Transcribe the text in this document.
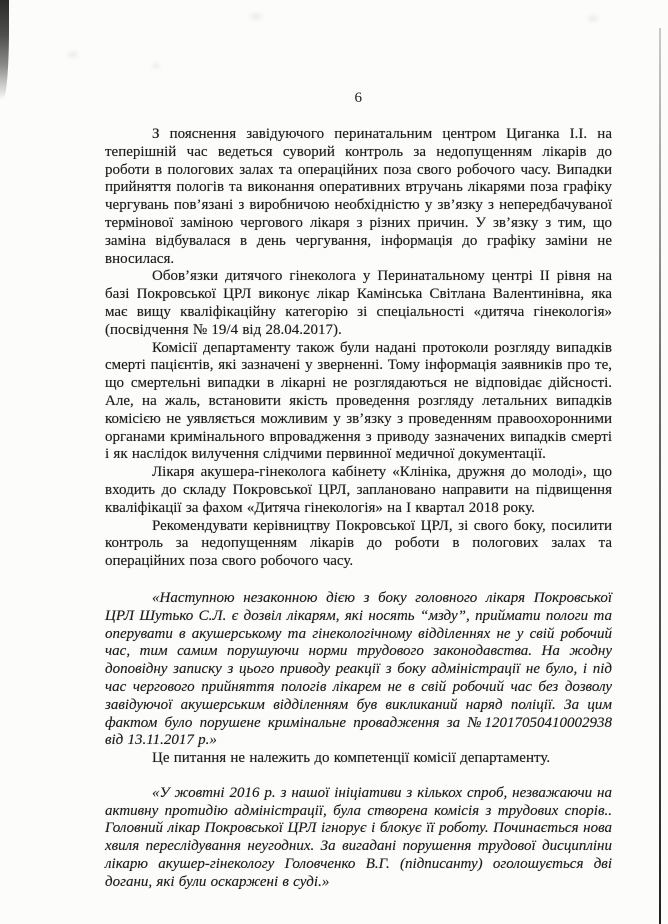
6

З пояснення завідуючого перинатальним центром Циганка І.І. на теперішній час ведеться суворий контроль за недопущенням лікарів до роботи в пологових залах та операційних поза свого робочого часу. Випадки прийняття пологів та виконання оперативних втручань лікарями поза графіку чергувань пов’язані з виробничою необхідністю у зв’язку з непередбачуваної термінової заміною чергового лікаря з різних причин. У зв’язку з тим, що заміна відбувалася в день чергування, інформація до графіку заміни не вносилася.

Обов’язки дитячого гінеколога у Перинатальному центрі ІІ рівня на базі Покровської ЦРЛ виконує лікар Камінська Світлана Валентинівна, яка має вищу кваліфікаційну категорію зі спеціальності «дитяча гінекологія» (посвідчення № 19/4 від 28.04.2017).

Комісії департаменту також були надані протоколи розгляду випадків смерті пацієнтів, які зазначені у зверненні. Тому інформація заявників про те, що смертельні випадки в лікарні не розглядаються не відповідає дійсності. Але, на жаль, встановити якість проведення розгляду летальних випадків комісією не уявляється можливим у зв’язку з проведенням правоохоронними органами кримінального впровадження з приводу зазначених випадків смерті і як наслідок вилучення слідчими первинної медичної документації.

Лікаря акушера-гінеколога кабінету «Клініка, дружня до молоді», що входить до складу Покровської ЦРЛ, заплановано направити на підвищення кваліфікації за фахом «Дитяча гінекологія» на І квартал 2018 року.

Рекомендувати керівництву Покровської ЦРЛ, зі свого боку, посилити контроль за недопущенням лікарів до роботи в пологових залах та операційних поза свого робочого часу.

«Наступною незаконною дією з боку головного лікаря Покровської ЦРЛ Шутько С.Л. є дозвіл лікарям, які носять “мзду”, приймати пологи та оперувати в акушерському та гінекологічному відділеннях не у свій робочий час, тим самим порушуючи норми трудового законодавства. На жодну доповідну записку з цього приводу реакції з боку адміністрації не було, і під час чергового прийняття пологів лікарем не в свій робочий час без дозволу завідуючої акушерським відділенням був викликаний наряд поліції. За цим фактом було порушене кримінальне провадження за №12017050410002938 від 13.11.2017 р.»

Це питання не належить до компетенції комісії департаменту.

«У жовтні 2016 р. з нашої ініціативи з кількох спроб, незважаючи на активну протидію адміністрації, була створена комісія з трудових спорів.. Головний лікар Покровської ЦРЛ ігнорує і блокує її роботу. Починається нова хвиля переслідування неугодних. За вигадані порушення трудової дисципліни лікарю акушер-гінекологу Головченко В.Г. (підписанту) оголошується дві догани, які були оскаржені в суді.»
